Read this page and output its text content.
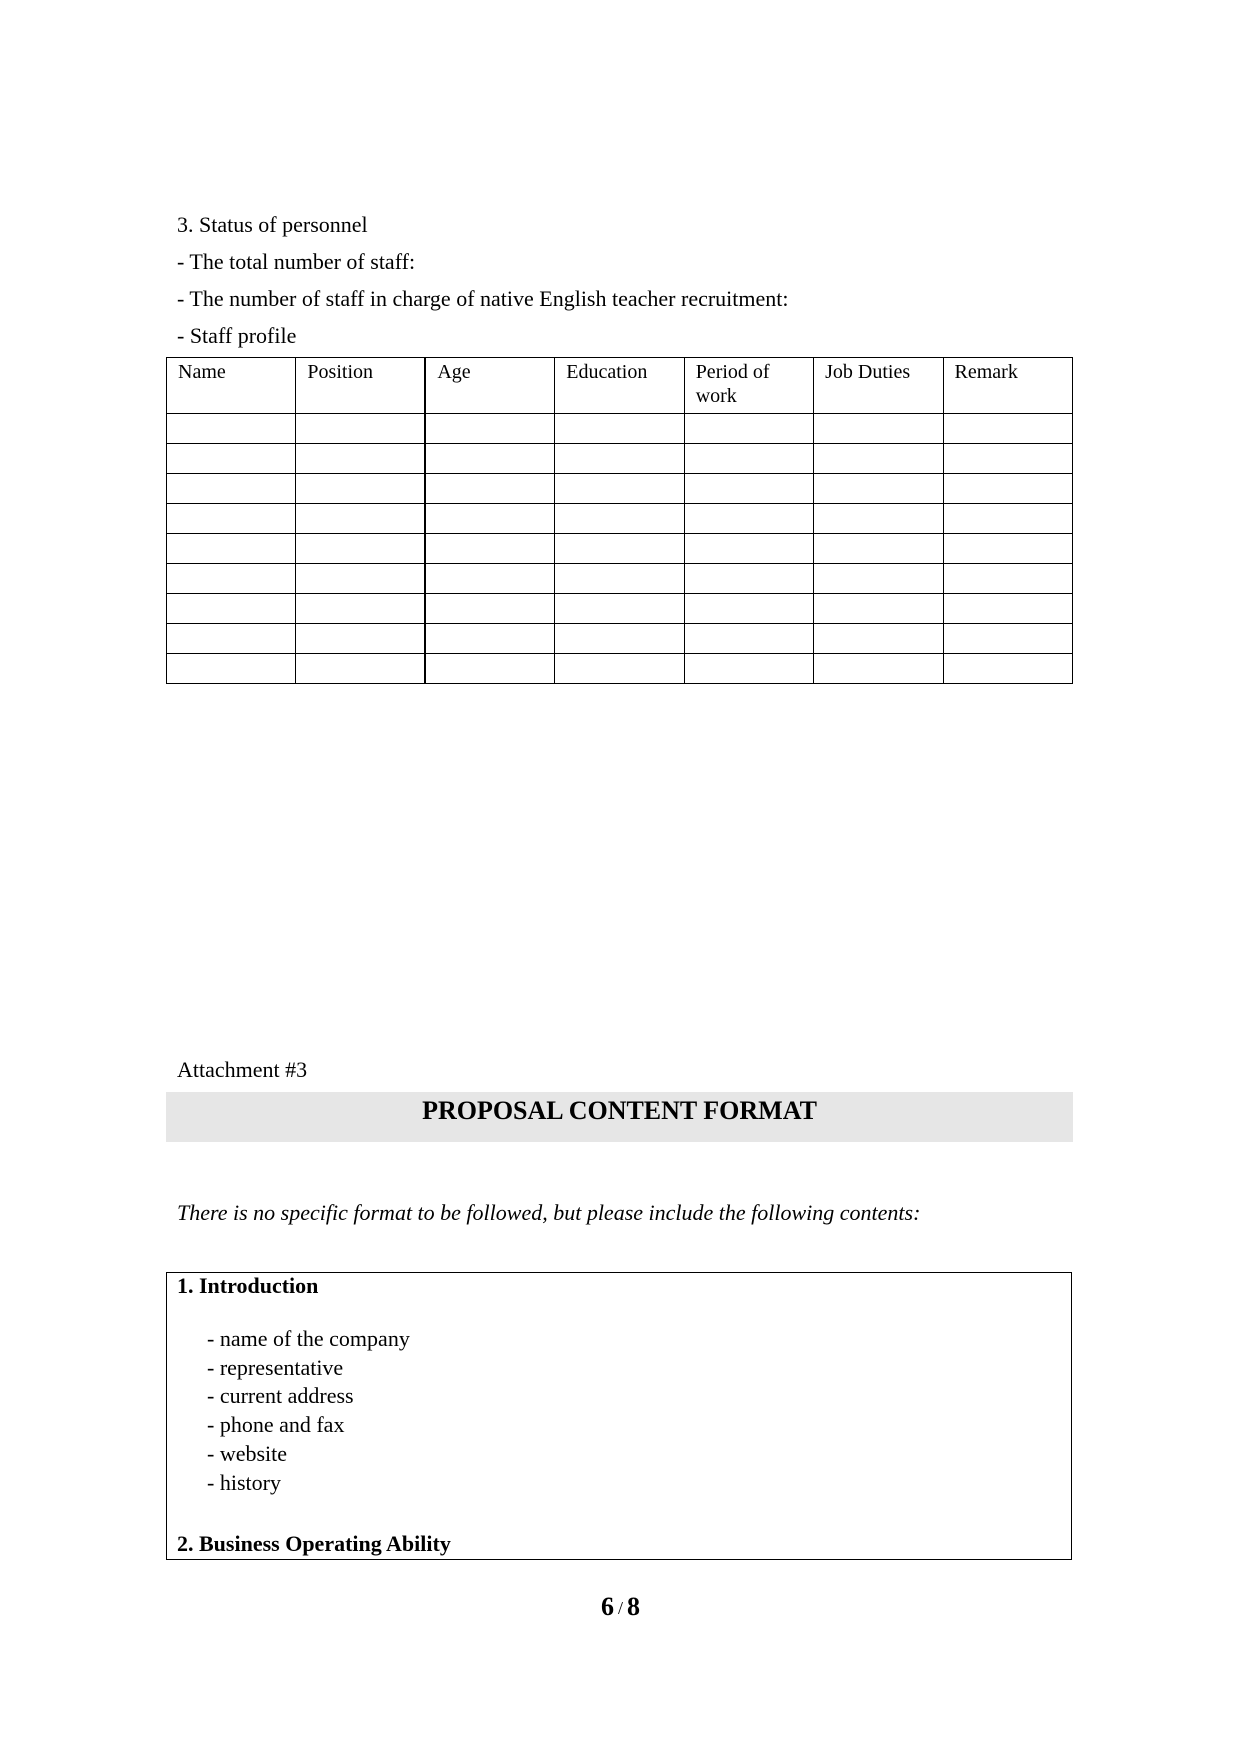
3. Status of personnel
- The total number of staff:
- The number of staff in charge of native English teacher recruitment:
- Staff profile
Name	Position	Age	Education	Period of work	Job Duties	Remark

Attachment #3
PROPOSAL CONTENT FORMAT
There is no specific format to be followed, but please include the following contents:
1. Introduction
- name of the company
- representative
- current address
- phone and fax
- website
- history
2. Business Operating Ability
6 / 8
